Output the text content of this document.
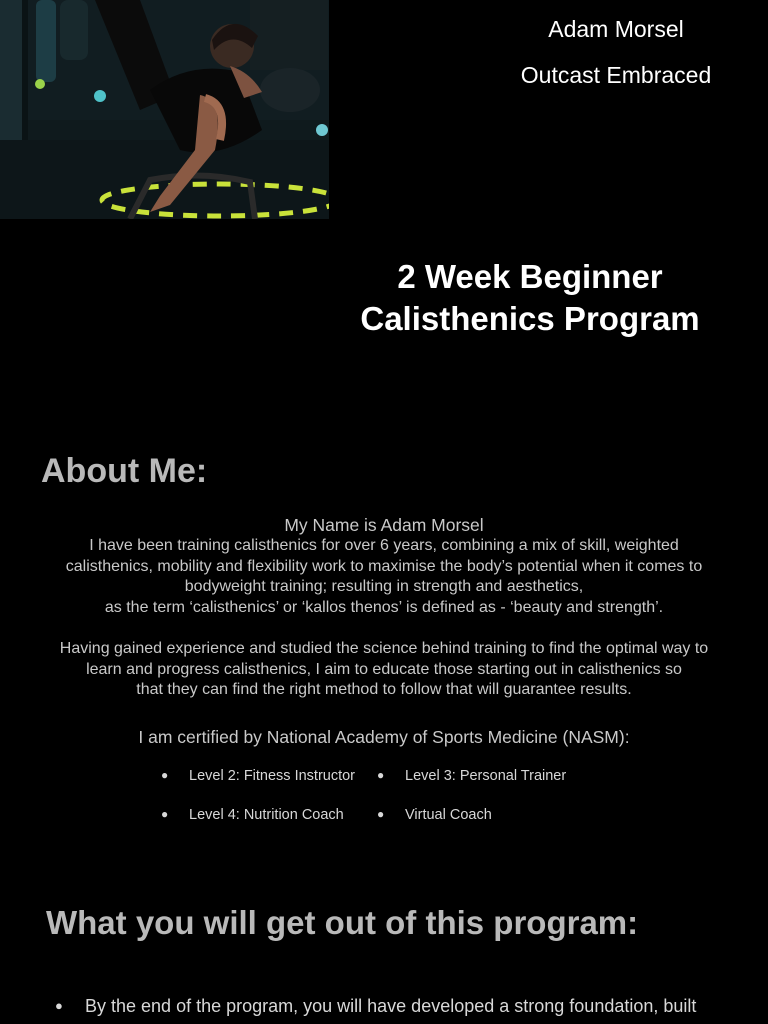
Adam Morsel
Outcast Embraced
2 Week Beginner
Calisthenics Program
About Me:

My Name is Adam Morsel

I have been training calisthenics for over 6 years, combining a mix of skill, weighted

calisthenics, mobility and flexibility work to maximise the body’s potential when it comes to

bodyweight training; resulting in strength and aesthetics,

as the term ‘calisthenics’ or ‘kallos thenos’ is defined as - ‘beauty and strength’.

Having gained experience and studied the science behind training to find the optimal way to

learn and progress calisthenics, I aim to educate those starting out in calisthenics so

that they can find the right method to follow that will guarantee results.

I am certified by National Academy of Sports Medicine (NASM):

● Level 2: Fitness Instructor ● Level 3: Personal Trainer

● Level 4: Nutrition Coach	● Virtual Coach

What you will get out of this program:

● By the end of the program, you will have developed a strong foundation, built
